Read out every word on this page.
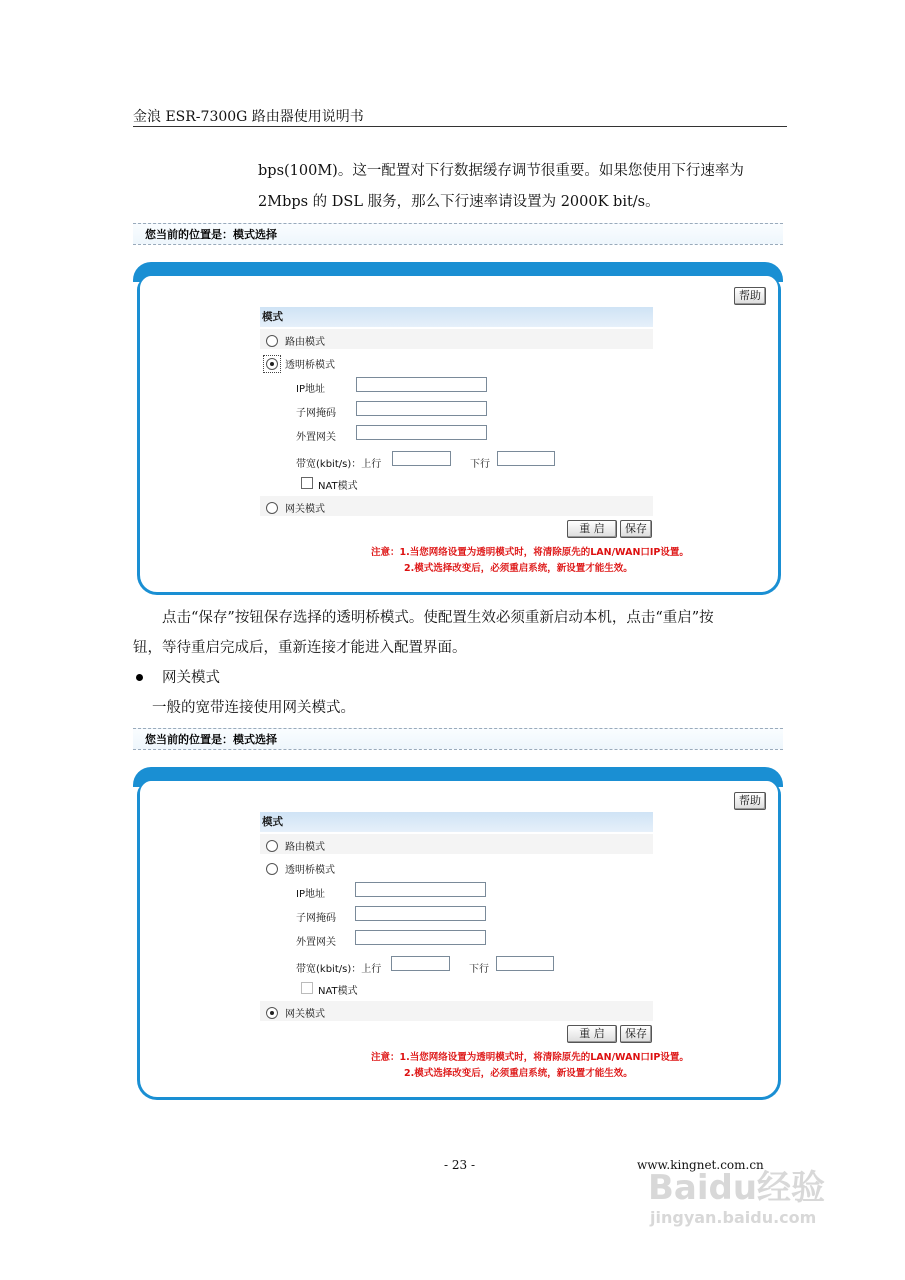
金浪 ESR-7300G 路由器使用说明书
bps(100M)。这一配置对下行数据缓存调节很重要。如果您使用下行速率为
2Mbps 的 DSL 服务，那么下行速率请设置为 2000K bit/s。
您当前的位置是：模式选择
帮助
模式
路由模式
透明桥模式
IP地址
子网掩码
外置网关
带宽(kbit/s)：上行	下行
NAT模式
网关模式
重 启	保存
注意：1.当您网络设置为透明模式时，将清除原先的LAN/WAN口IP设置。
2.模式选择改变后，必须重启系统，新设置才能生效。
点击“保存”按钮保存选择的透明桥模式。使配置生效必须重新启动本机，点击“重启”按
钮，等待重启完成后，重新连接才能进入配置界面。
网关模式
一般的宽带连接使用网关模式。
您当前的位置是：模式选择
帮助
模式
路由模式
透明桥模式
IP地址
子网掩码
外置网关
带宽(kbit/s)：上行	下行
NAT模式
网关模式
重 启	保存
注意：1.当您网络设置为透明模式时，将清除原先的LAN/WAN口IP设置。
2.模式选择改变后，必须重启系统，新设置才能生效。
- 23 -	www.kingnet.com.cn
Baidu经验
jingyan.baidu.com
